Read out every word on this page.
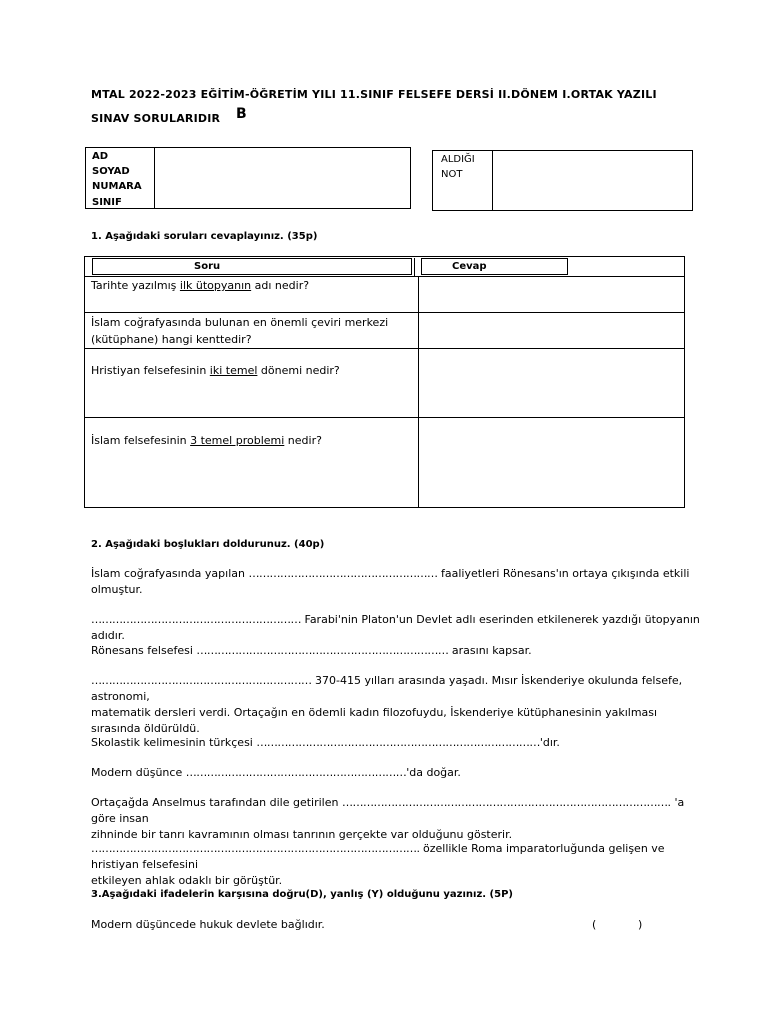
MTAL 2022-2023 EĞİTİM-ÖĞRETİM YILI 11.SINIF FELSEFE DERSİ II.DÖNEM I.ORTAK YAZILI
SINAV SORULARIDIR B
AD
SOYAD
NUMARA
SINIF
ALDIĞI
NOT
1. Aşağıdaki soruları cevaplayınız. (35p)
Soru	Cevap
Tarihte yazılmış ilk ütopyanın adı nedir?
İslam coğrafyasında bulunan en önemli çeviri merkezi
(kütüphane) hangi kenttedir?
Hristiyan felsefesinin iki temel dönemi nedir?
İslam felsefesinin 3 temel problemi nedir?
2. Aşağıdaki boşlukları doldurunuz. (40p)
İslam coğrafyasında yapılan ……………………………………………… faaliyetleri Rönesans'ın ortaya çıkışında etkili
olmuştur.
…………………………………………………… Farabi'nin Platon'un Devlet adlı eserinden etkilenerek yazdığı ütopyanın adıdır.
Rönesans felsefesi ……………………………………………………………… arasını kapsar.
……………………………………………………… 370-415 yılları arasında yaşadı. Mısır İskenderiye okulunda felsefe, astronomi,
matematik dersleri verdi. Ortaçağın en ödemli kadın filozofuydu, İskenderiye kütüphanesinin yakılması
sırasında öldürüldü.
Skolastik kelimesinin türkçesi ………………………………………………………………………'dır.
Modern düşünce ………………………………………………………'da doğar.
Ortaçağda Anselmus tarafından dile getirilen …………………………………………………………………………………. 'a göre insan
zihninde bir tanrı kavramının olması tanrının gerçekte var olduğunu gösterir.
…………………………………………………………………………………. özellikle Roma imparatorluğunda gelişen ve hristiyan felsefesini
etkileyen ahlak odaklı bir görüştür.
3.Aşağıdaki ifadelerin karşısına doğru(D), yanlış (Y) olduğunu yazınız. (5P)
Modern düşüncede hukuk devlete bağlıdır.	(	)
